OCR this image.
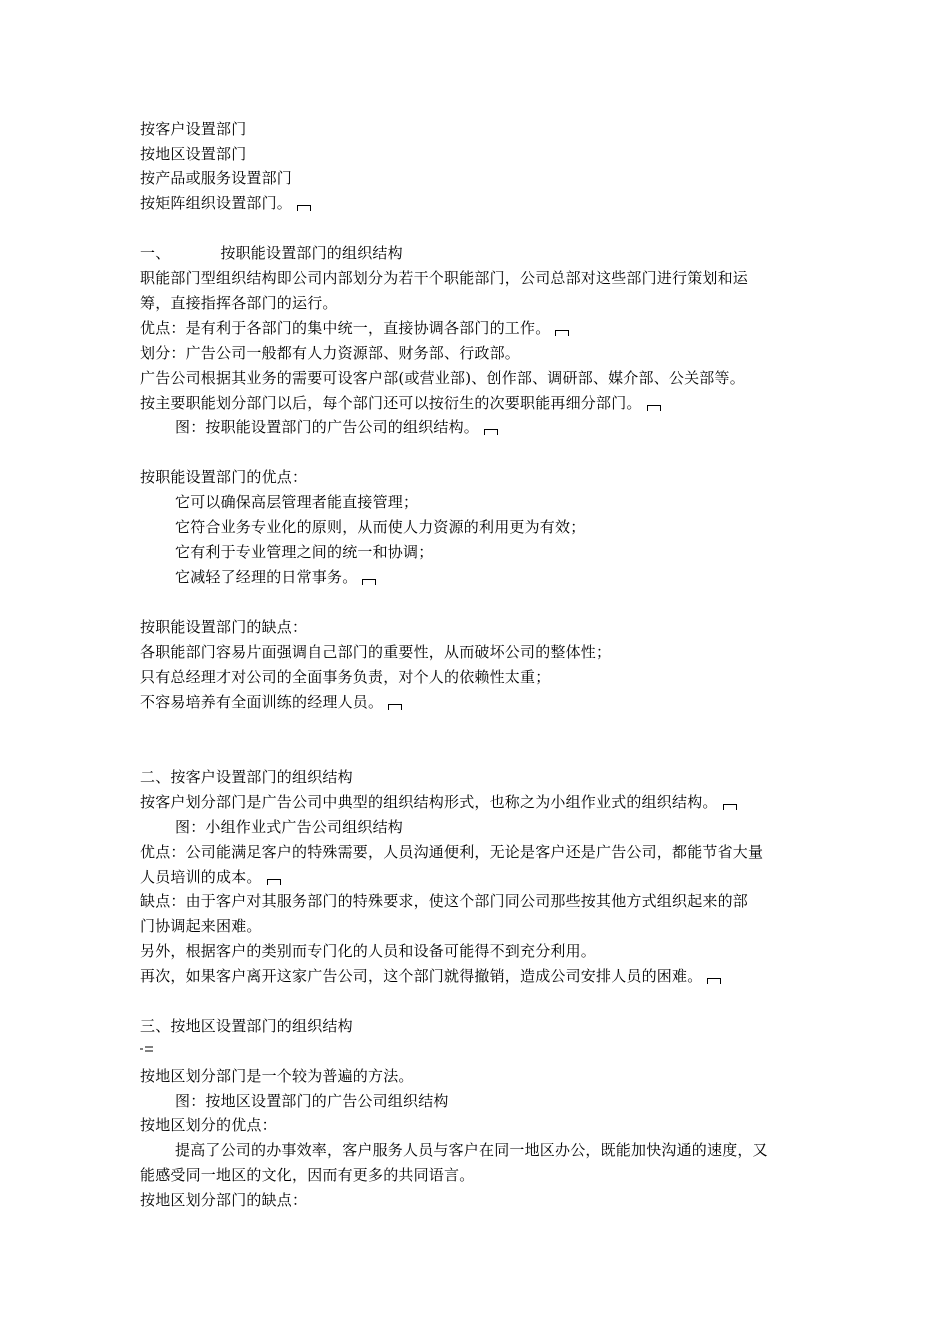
按客户设置部门
按地区设置部门
按产品或服务设置部门
按矩阵组织设置部门。
一、	按职能设置部门的组织结构
职能部门型组织结构即公司内部划分为若干个职能部门，公司总部对这些部门进行策划和运
筹，直接指挥各部门的运行。
优点：是有利于各部门的集中统一，直接协调各部门的工作。
划分：广告公司一般都有人力资源部、财务部、行政部。
广告公司根据其业务的需要可设客户部(或营业部)、创作部、调研部、媒介部、公关部等。
按主要职能划分部门以后，每个部门还可以按衍生的次要职能再细分部门。
图：按职能设置部门的广告公司的组织结构。
按职能设置部门的优点：
它可以确保高层管理者能直接管理；
它符合业务专业化的原则，从而使人力资源的利用更为有效；
它有利于专业管理之间的统一和协调；
它减轻了经理的日常事务。
按职能设置部门的缺点：
各职能部门容易片面强调自己部门的重要性，从而破坏公司的整体性；
只有总经理才对公司的全面事务负责，对个人的依赖性太重；
不容易培养有全面训练的经理人员。
二、按客户设置部门的组织结构
按客户划分部门是广告公司中典型的组织结构形式，也称之为小组作业式的组织结构。
图：小组作业式广告公司组织结构
优点：公司能满足客户的特殊需要，人员沟通便利，无论是客户还是广告公司，都能节省大量
人员培训的成本。
缺点：由于客户对其服务部门的特殊要求，使这个部门同公司那些按其他方式组织起来的部
门协调起来困难。
另外，根据客户的类别而专门化的人员和设备可能得不到充分利用。
再次，如果客户离开这家广告公司，这个部门就得撤销，造成公司安排人员的困难。
三、按地区设置部门的组织结构
按地区划分部门是一个较为普遍的方法。
图：按地区设置部门的广告公司组织结构
按地区划分的优点：
提高了公司的办事效率，客户服务人员与客户在同一地区办公，既能加快沟通的速度，又
能感受同一地区的文化，因而有更多的共同语言。
按地区划分部门的缺点：
